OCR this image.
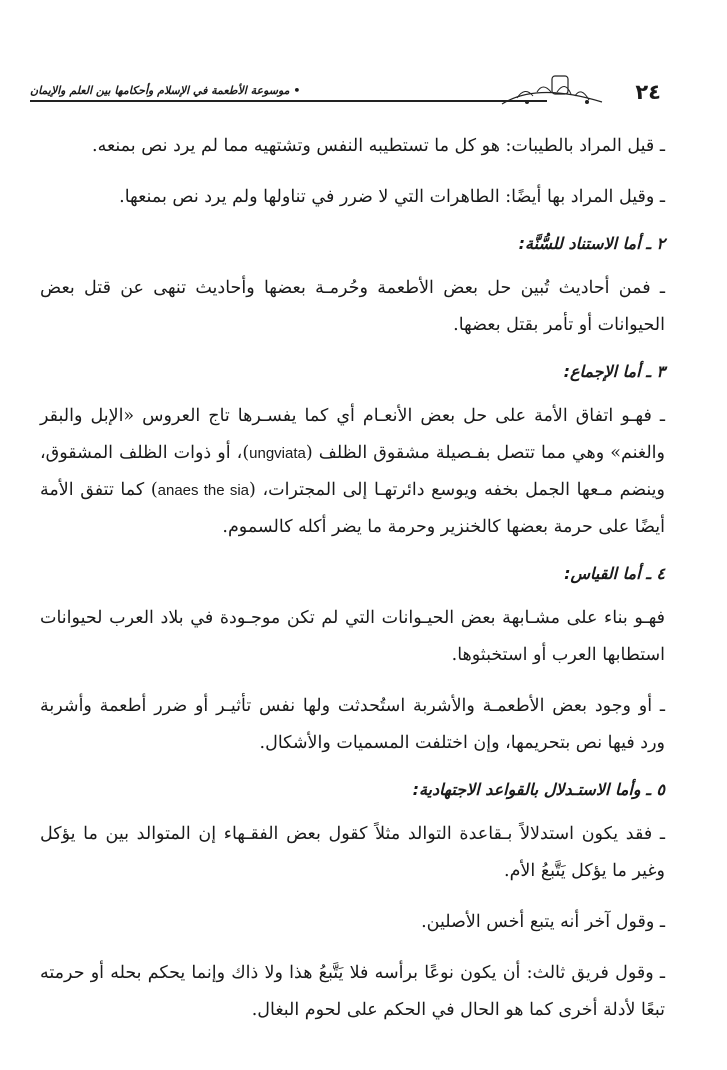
٢٤
• موسوعة الأطعمة في الإسلام وأحكامها بين العلم والإيمان

ـ قيل المراد بالطيبات: هو كل ما تستطيبه النفس وتشتهيه مما لم يرد نص بمنعه.

ـ وقيل المراد بها أيضًا: الطاهرات التي لا ضرر في تناولها ولم يرد نص بمنعها.

٢ ـ أما الاستناد للسُّنَّة:

ـ فمن أحاديث تُبين حل بعض الأطعمة وحُرمـة بعضها وأحاديث تنهى عن قتل بعض الحيوانات أو تأمر بقتل بعضها.

٣ ـ أما الإجماع:

ـ فهـو اتفاق الأمة على حل بعض الأنعـام أي كما يفسـرها تاج العروس «الإبل والبقر والغنم» وهي مما تتصل بفـصيلة مشقوق الظلف (ungviata)، أو ذوات الظلف المشقوق، وينضم مـعها الجمل بخفه ويوسع دائرتهـا إلى المجترات، (anaes the sia) كما تتفق الأمة أيضًا على حرمة بعضها كالخنزير وحرمة ما يضر أكله كالسموم.

٤ ـ أما القياس:

فهـو بناء على مشـابهة بعض الحيـوانات التي لم تكن موجـودة في بلاد العرب لحيوانات استطابها العرب أو استخبثوها.

ـ أو وجود بعض الأطعمـة والأشربة استُحدثت ولها نفس تأثيـر أو ضرر أطعمة وأشربة ورد فيها نص بتحريمها، وإن اختلفت المسميات والأشكال.

٥ ـ وأما الاستـدلال بالقواعد الاجتهادية:

ـ فقد يكون استدلالاً بـقاعدة التوالد مثلاً كقول بعض الفقـهاء إن المتوالد بين ما يؤكل وغير ما يؤكل يَتَّبعُ الأم.

ـ وقول آخر أنه يتبع أخس الأصلين.

ـ وقول فريق ثالث: أن يكون نوعًا برأسه فلا يَتَّبعُ هذا ولا ذاك وإنما يحكم بحله أو حرمته تبعًا لأدلة أخرى كما هو الحال في الحكم على لحوم البغال.
